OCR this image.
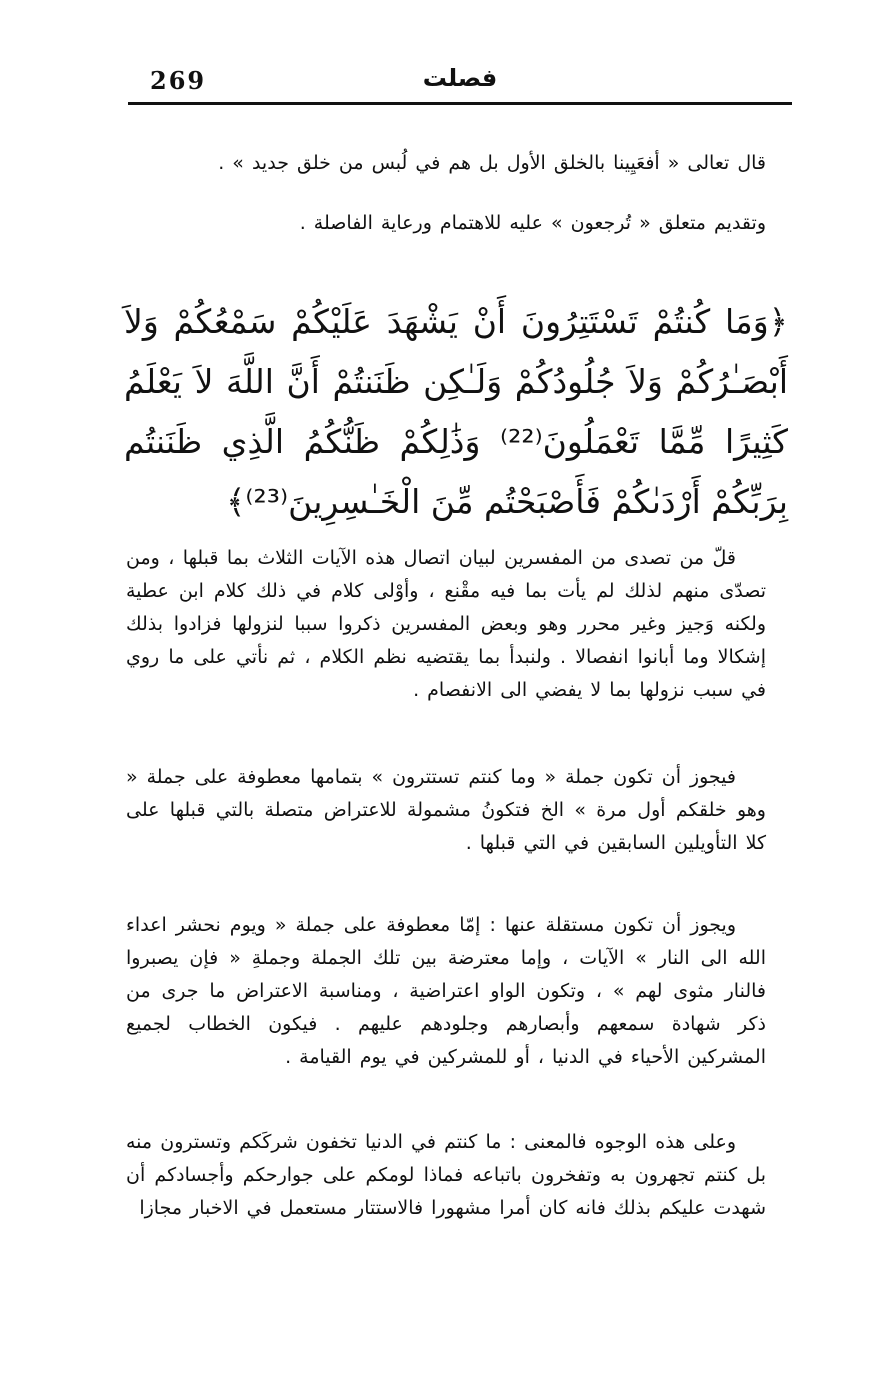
269	فصلت
قال تعالى « أفعَيِينا بالخلق الأول بل هم في لُبس من خلق جديد » .
وتقديم متعلق « تُرجعون » عليه للاهتمام ورعاية الفاصلة .
﴿وَمَا كُنتُمْ تَسْتَتِرُونَ أَنْ يَشْهَدَ عَلَيْكُمْ سَمْعُكُمْ وَلاَ أَبْصَـٰرُكُمْ وَلاَ جُلُودُكُمْ وَلَـٰكِن ظَنَنتُمْ أَنَّ اللَّهَ لاَ يَعْلَمُ كَثِيرًا مِّمَّا تَعْمَلُونَ⁽²²⁾ وَذَٰلِكُمْ ظَنُّكُمُ الَّذِي ظَنَنتُم بِرَبِّكُمْ أَرْدَىٰكُمْ فَأَصْبَحْتُم مِّنَ الْخَـٰسِرِينَ⁽²³⁾﴾

قلّ من تصدى من المفسرين لبيان اتصال هذه الآيات الثلاث بما قبلها ، ومن تصدّى منهم لذلك لم يأت بما فيه مقْنع ، وأوْلى كلام في ذلك كلام ابن عطية ولكنه وَجيز وغير محرر وهو وبعض المفسرين ذكروا سببا لنزولها فزادوا بذلك إشكالا وما أبانوا انفصالا . ولنبدأ بما يقتضيه نظم الكلام ، ثم نأتي على ما روي في سبب نزولها بما لا يفضي الى الانفصام .

فيجوز أن تكون جملة « وما كنتم تستترون » بتمامها معطوفة على جملة « وهو خلقكم أول مرة » الخ فتكونُ مشمولة للاعتراض متصلة بالتي قبلها على كلا التأويلين السابقين في التي قبلها .

ويجوز أن تكون مستقلة عنها : إمّا معطوفة على جملة « ويوم نحشر اعداء الله الى النار » الآيات ، وإما معترضة بين تلك الجملة وجملةِ « فإن يصبروا فالنار مثوى لهم » ، وتكون الواو اعتراضية ، ومناسبة الاعتراض ما جرى من ذكر شهادة سمعهم وأبصارهم وجلودهم عليهم . فيكون الخطاب لجميع المشركين الأحياء في الدنيا ، أو للمشركين في يوم القيامة .

وعلى هذه الوجوه فالمعنى : ما كنتم في الدنيا تخفون شركَكم وتسترون منه بل كنتم تجهرون به وتفخرون باتباعه فماذا لومكم على جوارحكم وأجسادكم أن شهدت عليكم بذلك فانه كان أمرا مشهورا فالاستتار مستعمل في الاخبار مجازا
